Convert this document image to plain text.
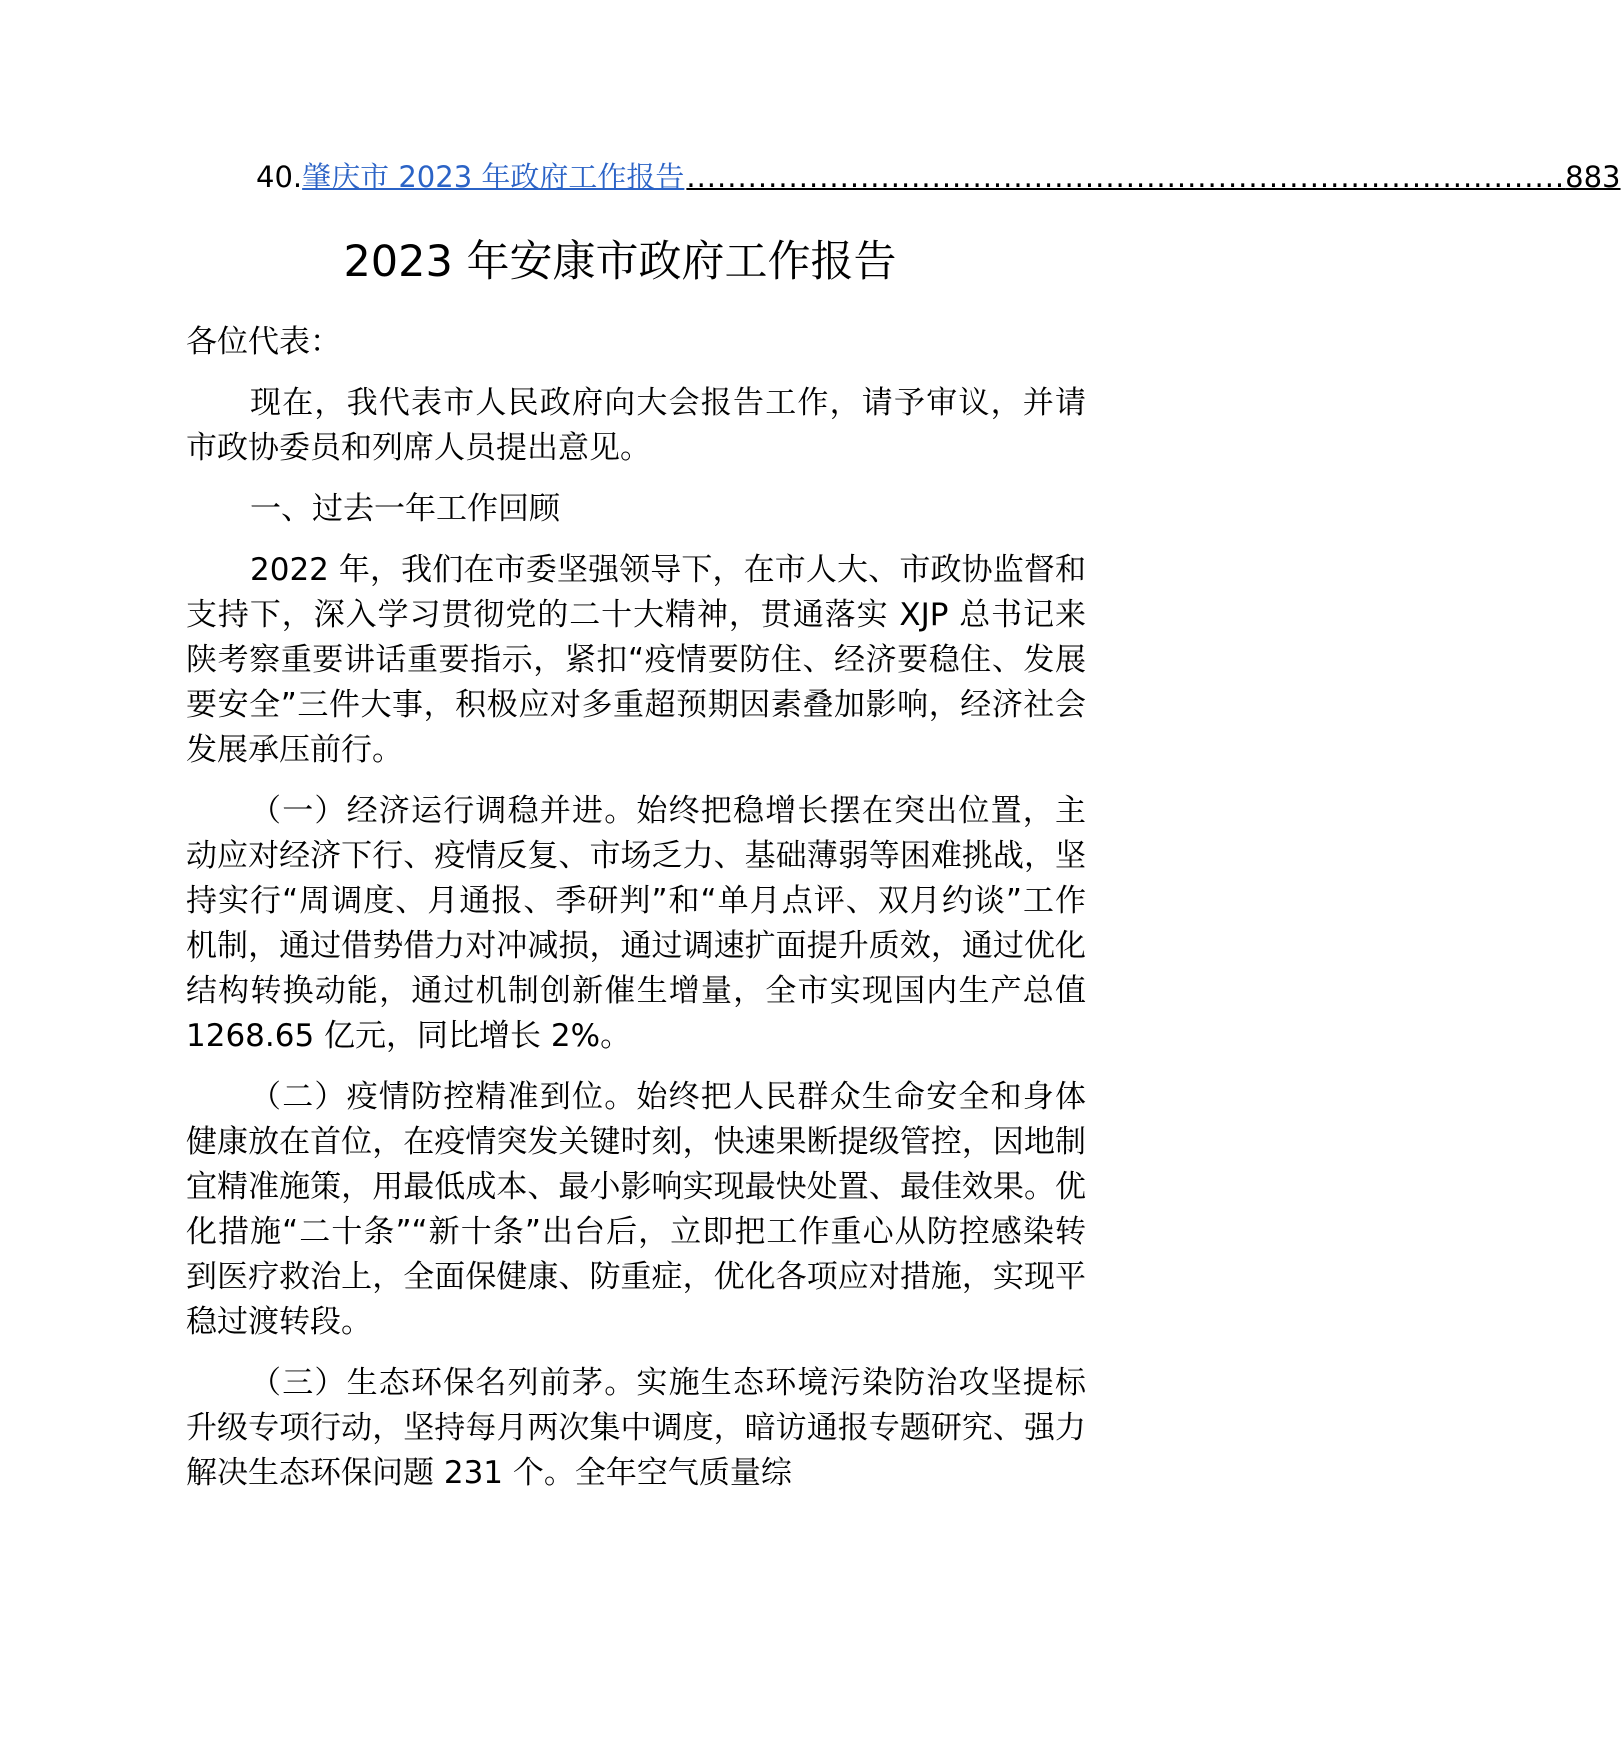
40. 肇庆市 2023 年政府工作报告 ...................................................................................... 883
2023 年安康市政府工作报告

各位代表：

现在，我代表市人民政府向大会报告工作，请予审议，并请市政协委员和列席人员提出意见。

一、过去一年工作回顾

2022 年，我们在市委坚强领导下，在市人大、市政协监督和支持下，深入学习贯彻党的二十大精神，贯通落实 XJP 总书记来陕考察重要讲话重要指示，紧扣“疫情要防住、经济要稳住、发展要安全”三件大事，积极应对多重超预期因素叠加影响，经济社会发展承压前行。

（一）经济运行调稳并进。始终把稳增长摆在突出位置，主动应对经济下行、疫情反复、市场乏力、基础薄弱等困难挑战，坚持实行“周调度、月通报、季研判”和“单月点评、双月约谈”工作机制，通过借势借力对冲减损，通过调速扩面提升质效，通过优化结构转换动能，通过机制创新催生增量，全市实现国内生产总值 1268.65 亿元，同比增长 2%。

（二）疫情防控精准到位。始终把人民群众生命安全和身体健康放在首位，在疫情突发关键时刻，快速果断提级管控，因地制宜精准施策，用最低成本、最小影响实现最快处置、最佳效果。优化措施“二十条”“新十条”出台后，立即把工作重心从防控感染转到医疗救治上，全面保健康、防重症，优化各项应对措施，实现平稳过渡转段。

（三）生态环保名列前茅。实施生态环境污染防治攻坚提标升级专项行动，坚持每月两次集中调度，暗访通报专题研究、强力解决生态环保问题 231 个。全年空气质量综
